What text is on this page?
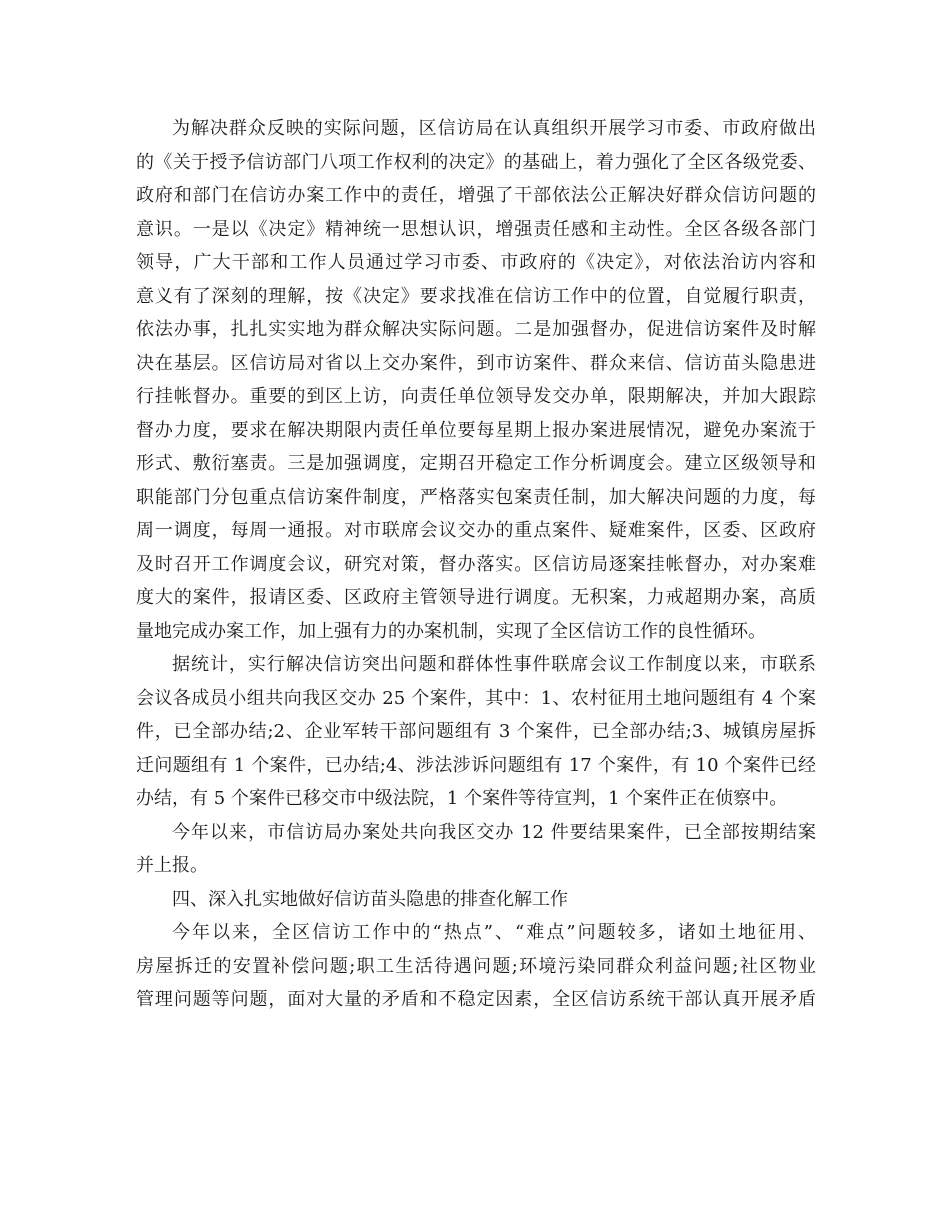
为解决群众反映的实际问题，区信访局在认真组织开展学习市委、市政府做出
的《关于授予信访部门八项工作权利的决定》的基础上，着力强化了全区各级党委、
政府和部门在信访办案工作中的责任，增强了干部依法公正解决好群众信访问题的
意识。一是以《决定》精神统一思想认识，增强责任感和主动性。全区各级各部门
领导，广大干部和工作人员通过学习市委、市政府的《决定》，对依法治访内容和
意义有了深刻的理解，按《决定》要求找准在信访工作中的位置，自觉履行职责，
依法办事，扎扎实实地为群众解决实际问题。二是加强督办，促进信访案件及时解
决在基层。区信访局对省以上交办案件，到市访案件、群众来信、信访苗头隐患进
行挂帐督办。重要的到区上访，向责任单位领导发交办单，限期解决，并加大跟踪
督办力度，要求在解决期限内责任单位要每星期上报办案进展情况，避免办案流于
形式、敷衍塞责。三是加强调度，定期召开稳定工作分析调度会。建立区级领导和
职能部门分包重点信访案件制度，严格落实包案责任制，加大解决问题的力度，每
周一调度，每周一通报。对市联席会议交办的重点案件、疑难案件，区委、区政府
及时召开工作调度会议，研究对策，督办落实。区信访局逐案挂帐督办，对办案难
度大的案件，报请区委、区政府主管领导进行调度。无积案，力戒超期办案，高质
量地完成办案工作，加上强有力的办案机制，实现了全区信访工作的良性循环。
据统计，实行解决信访突出问题和群体性事件联席会议工作制度以来，市联系
会议各成员小组共向我区交办 25 个案件，其中：1、农村征用土地问题组有 4 个案
件，已全部办结;2、企业军转干部问题组有 3 个案件，已全部办结;3、城镇房屋拆
迁问题组有 1 个案件，已办结;4、涉法涉诉问题组有 17 个案件，有 10 个案件已经
办结，有 5 个案件已移交市中级法院，1 个案件等待宣判，1 个案件正在侦察中。
今年以来，市信访局办案处共向我区交办 12 件要结果案件，已全部按期结案
并上报。
四、深入扎实地做好信访苗头隐患的排查化解工作
今年以来，全区信访工作中的“热点”、“难点”问题较多，诸如土地征用、
房屋拆迁的安置补偿问题;职工生活待遇问题;环境污染同群众利益问题;社区物业
管理问题等问题，面对大量的矛盾和不稳定因素，全区信访系统干部认真开展矛盾
